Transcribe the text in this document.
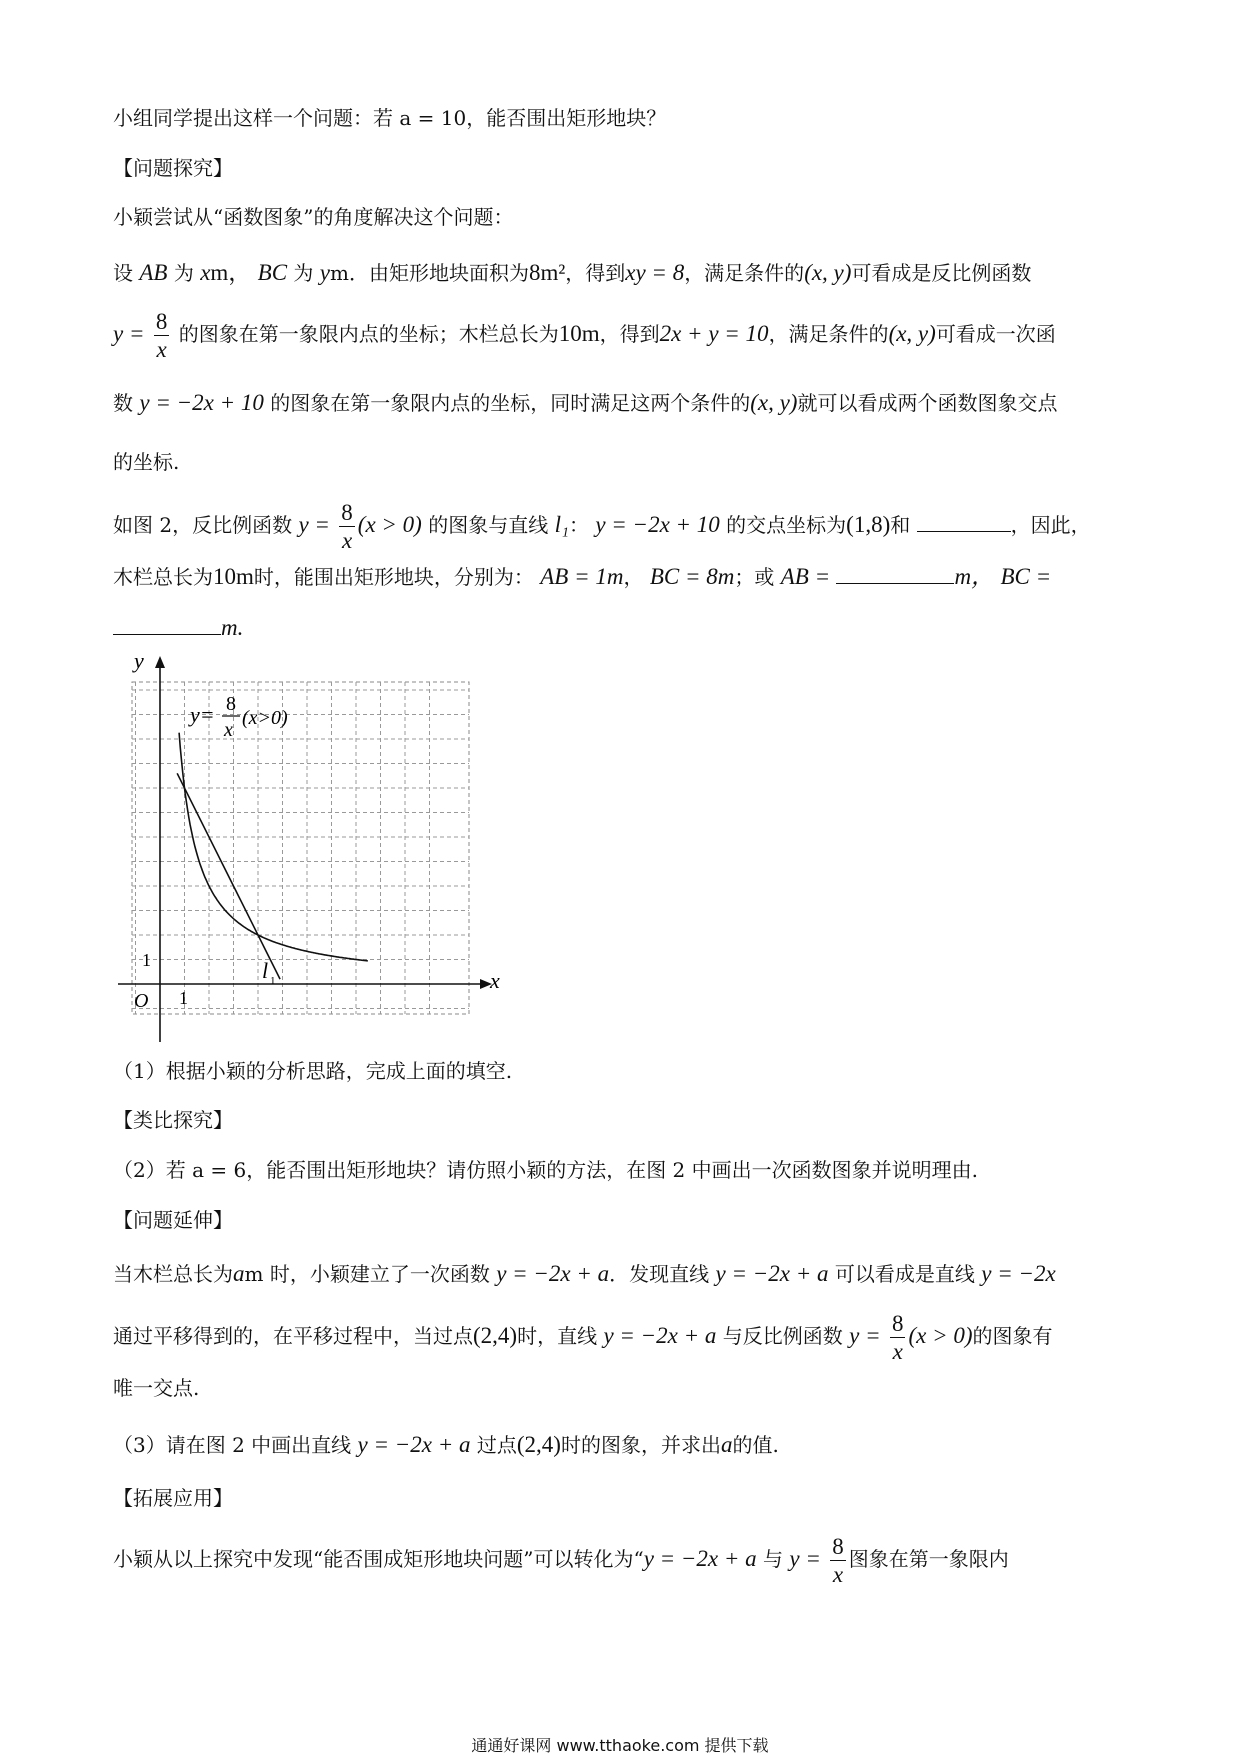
小组同学提出这样一个问题：若 a = 10，能否围出矩形地块？
【问题探究】
小颖尝试从“函数图象”的角度解决这个问题：
设 AB 为 xm， BC 为 ym．由矩形地块面积为8m²，得到xy = 8，满足条件的(x, y)可看成是反比例函数
$y = \frac{8}{x}$ 的图象在第一象限内点的坐标；木栏总长为10m，得到2x + y = 10，满足条件的(x, y)可看成一次函
数 y = −2x + 10 的图象在第一象限内点的坐标，同时满足这两个条件的(x, y)就可以看成两个函数图象交点
的坐标.
如图 2，反比例函数 $y = \frac{8}{x} (x > 0)$ 的图象与直线 l₁： y = −2x + 10 的交点坐标为(1,8)和	，因此，
木栏总长为10m时，能围出矩形地块，分别为： AB = 1m， BC = 8m；或 AB =	m， BC =
m.
y
x
O 1
1
y= 8
x
(x>0)
l 1
（1）根据小颖的分析思路，完成上面的填空.
【类比探究】
（2）若 a = 6，能否围出矩形地块？请仿照小颖的方法，在图 2 中画出一次函数图象并说明理由.
【问题延伸】
当木栏总长为am 时，小颖建立了一次函数 y = −2x + a．发现直线 y = −2x + a 可以看成是直线 y = −2x
通过平移得到的，在平移过程中，当过点(2,4)时，直线 y = −2x + a 与反比例函数 $y = \frac{8}{x} (x > 0)$的图象有
唯一交点.
（3）请在图 2 中画出直线 y = −2x + a 过点(2,4)时的图象，并求出a的值.
【拓展应用】
小颖从以上探究中发现“能否围成矩形地块问题”可以转化为“y = −2x + a 与 $y = \frac{8}{x}$ 图象在第一象限内
通通好课网 www.tthaoke.com 提供下载
